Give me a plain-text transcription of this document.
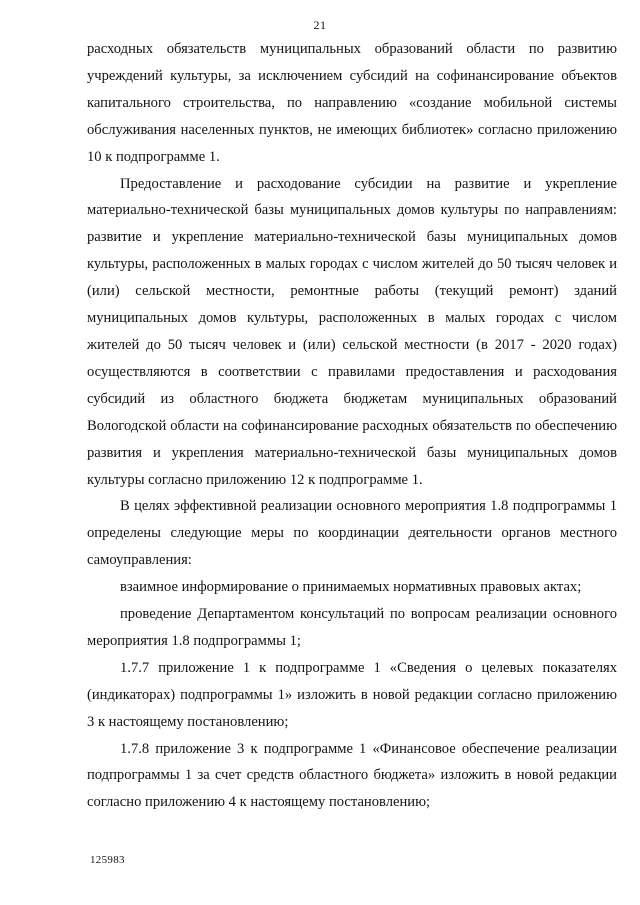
21

расходных обязательств муниципальных образований области по развитию учреждений культуры, за исключением субсидий на софинансирование объектов капитального строительства, по направлению «создание мобильной системы обслуживания населенных пунктов, не имеющих библиотек» согласно приложению 10 к подпрограмме 1.

Предоставление и расходование субсидии на развитие и укрепление материально-технической базы муниципальных домов культуры по направлениям: развитие и укрепление материально-технической базы муниципальных домов культуры, расположенных в малых городах с числом жителей до 50 тысяч человек и (или) сельской местности, ремонтные работы (текущий ремонт) зданий муниципальных домов культуры, расположенных в малых городах с числом жителей до 50 тысяч человек и (или) сельской местности (в 2017 - 2020 годах) осуществляются в соответствии с правилами предоставления и расходования субсидий из областного бюджета бюджетам муниципальных образований Вологодской области на софинансирование расходных обязательств по обеспечению развития и укрепления материально-технической базы муниципальных домов культуры согласно приложению 12 к подпрограмме 1.

В целях эффективной реализации основного мероприятия 1.8 подпрограммы 1 определены следующие меры по координации деятельности органов местного самоуправления:

взаимное информирование о принимаемых нормативных правовых актах;

проведение Департаментом консультаций по вопросам реализации основного мероприятия 1.8 подпрограммы 1;

1.7.7 приложение 1 к подпрограмме 1 «Сведения о целевых показателях (индикаторах) подпрограммы 1» изложить в новой редакции согласно приложению 3 к настоящему постановлению;

1.7.8 приложение 3 к подпрограмме 1 «Финансовое обеспечение реализации подпрограммы 1 за счет средств областного бюджета» изложить в новой редакции согласно приложению 4 к настоящему постановлению;

125983
